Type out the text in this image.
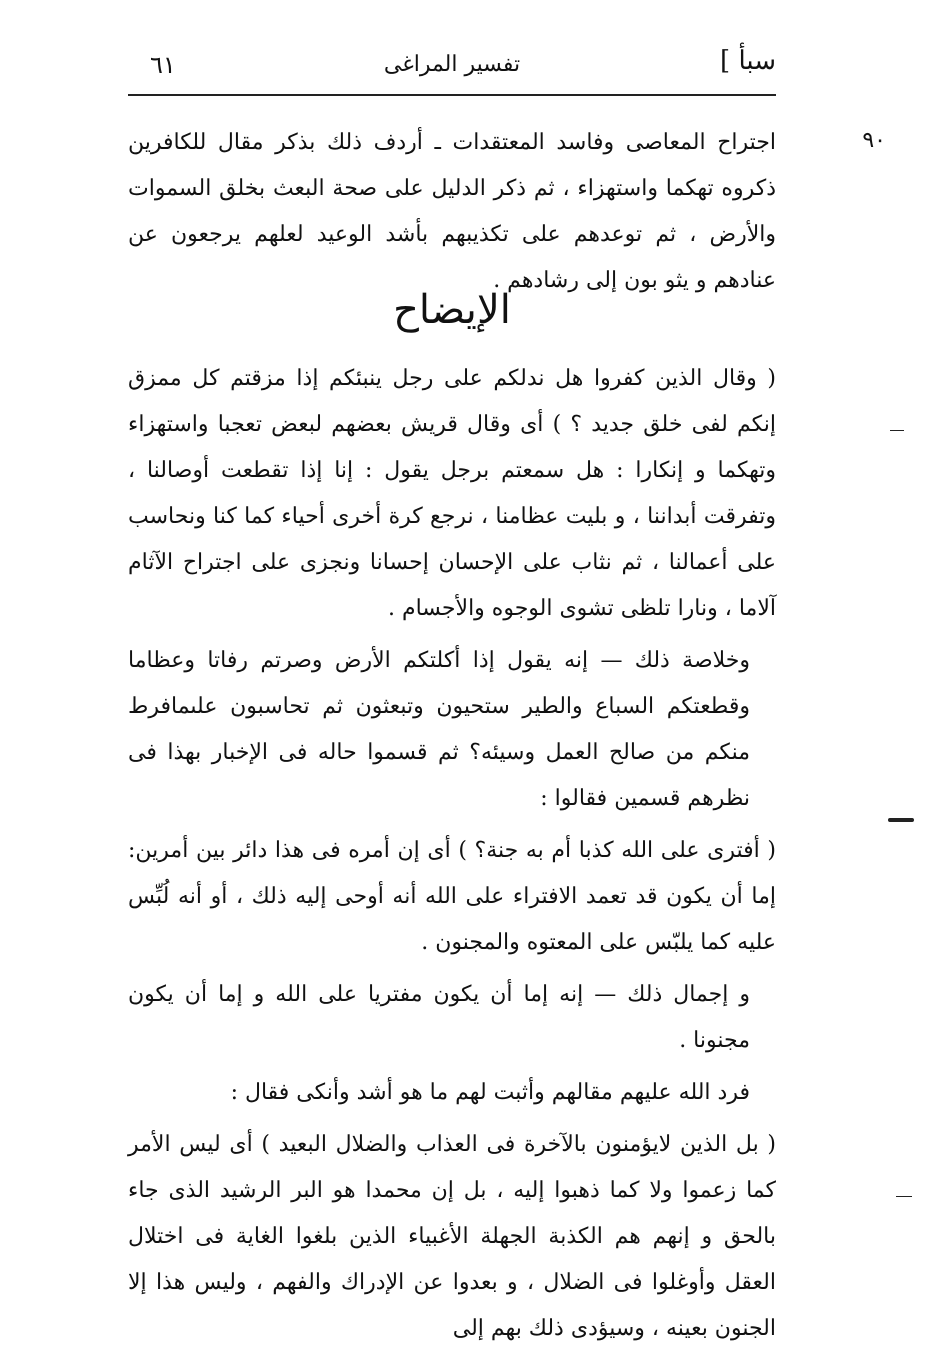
سبأ ]
تفسير المراغى
٦١
٩٠

اجتراح المعاصى وفاسد المعتقدات ـ أردف ذلك بذكر مقال للكافرين ذكروه تهكما واستهزاء ، ثم ذكر الدليل على صحة البعث بخلق السموات والأرض ، ثم توعدهم على تكذيبهم بأشد الوعيد لعلهم يرجعون عن عنادهم و يثو بون إلى رشادهم .

الإيضاح

( وقال الذين كفروا هل ندلكم على رجل ينبئكم إذا مزقتم كل ممزق إنكم لفى خلق جديد ؟ ) أى وقال قريش بعضهم لبعض تعجبا واستهزاء وتهكما و إنكارا : هل سمعتم برجل يقول : إنا إذا تقطعت أوصالنا ، وتفرقت أبداننا ، و بليت عظامنا ، نرجع كرة أخرى أحياء كما كنا ونحاسب على أعمالنا ، ثم نثاب على الإحسان إحسانا ونجزى على اجتراح الآثام آلاما ، ونارا تلظى تشوى الوجوه والأجسام .

وخلاصة ذلك — إنه يقول إذا أكلتكم الأرض وصرتم رفاتا وعظاما وقطعتكم السباع والطير ستحيون وتبعثون ثم تحاسبون علىمافرط منكم من صالح العمل وسيئه؟ ثم قسموا حاله فى الإخبار بهذا فى نظرهم قسمين فقالوا :

( أفترى على الله كذبا أم به جنة؟ ) أى إن أمره فى هذا دائر بين أمرين: إما أن يكون قد تعمد الافتراء على الله أنه أوحى إليه ذلك ، أو أنه لُبِّس عليه كما يلبّس على المعتوه والمجنون .

و إجمال ذلك — إنه إما أن يكون مفتريا على الله و إما أن يكون مجنونا .

فرد الله عليهم مقالهم وأثبت لهم ما هو أشد وأنكى فقال :

( بل الذين لايؤمنون بالآخرة فى العذاب والضلال البعيد ) أى ليس الأمر كما زعموا ولا كما ذهبوا إليه ، بل إن محمدا هو البر الرشيد الذى جاء بالحق و إنهم هم الكذبة الجهلة الأغبياء الذين بلغوا الغاية فى اختلال العقل وأوغلوا فى الضلال ، و بعدوا عن الإدراك والفهم ، وليس هذا إلا الجنون بعينه ، وسيؤدى ذلك بهم إلى
